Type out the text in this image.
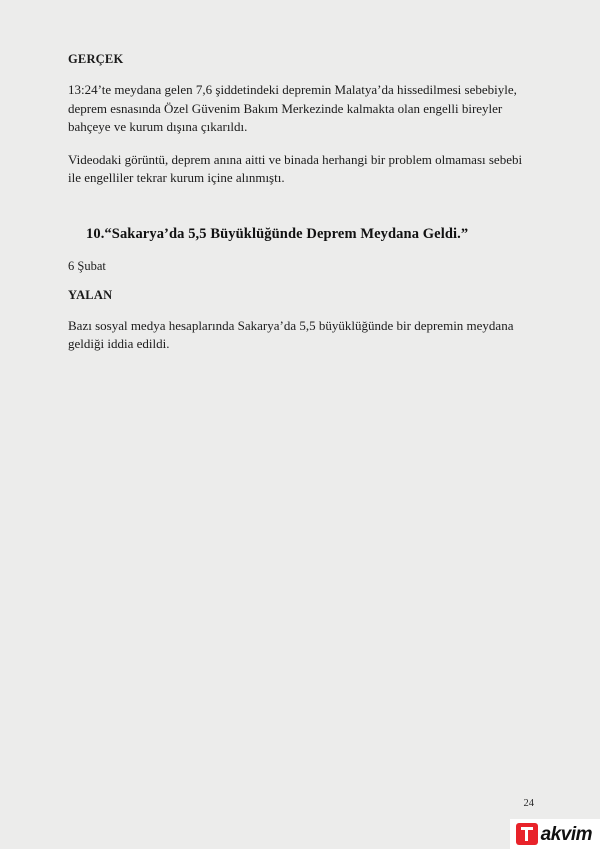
GERÇEK

13:24’te meydana gelen 7,6 şiddetindeki depremin Malatya’da hissedilmesi sebebiyle, deprem esnasında Özel Güvenim Bakım Merkezinde kalmakta olan engelli bireyler bahçeye ve kurum dışına çıkarıldı.

Videodaki görüntü, deprem anına aitti ve binada herhangi bir problem olmaması sebebi ile engelliler tekrar kurum içine alınmıştı.

10.“Sakarya’da 5,5 Büyüklüğünde Deprem Meydana Geldi.”
6 Şubat
YALAN

Bazı sosyal medya hesaplarında Sakarya’da 5,5 büyüklüğünde bir depremin meydana geldiği iddia edildi.

24
akvim
